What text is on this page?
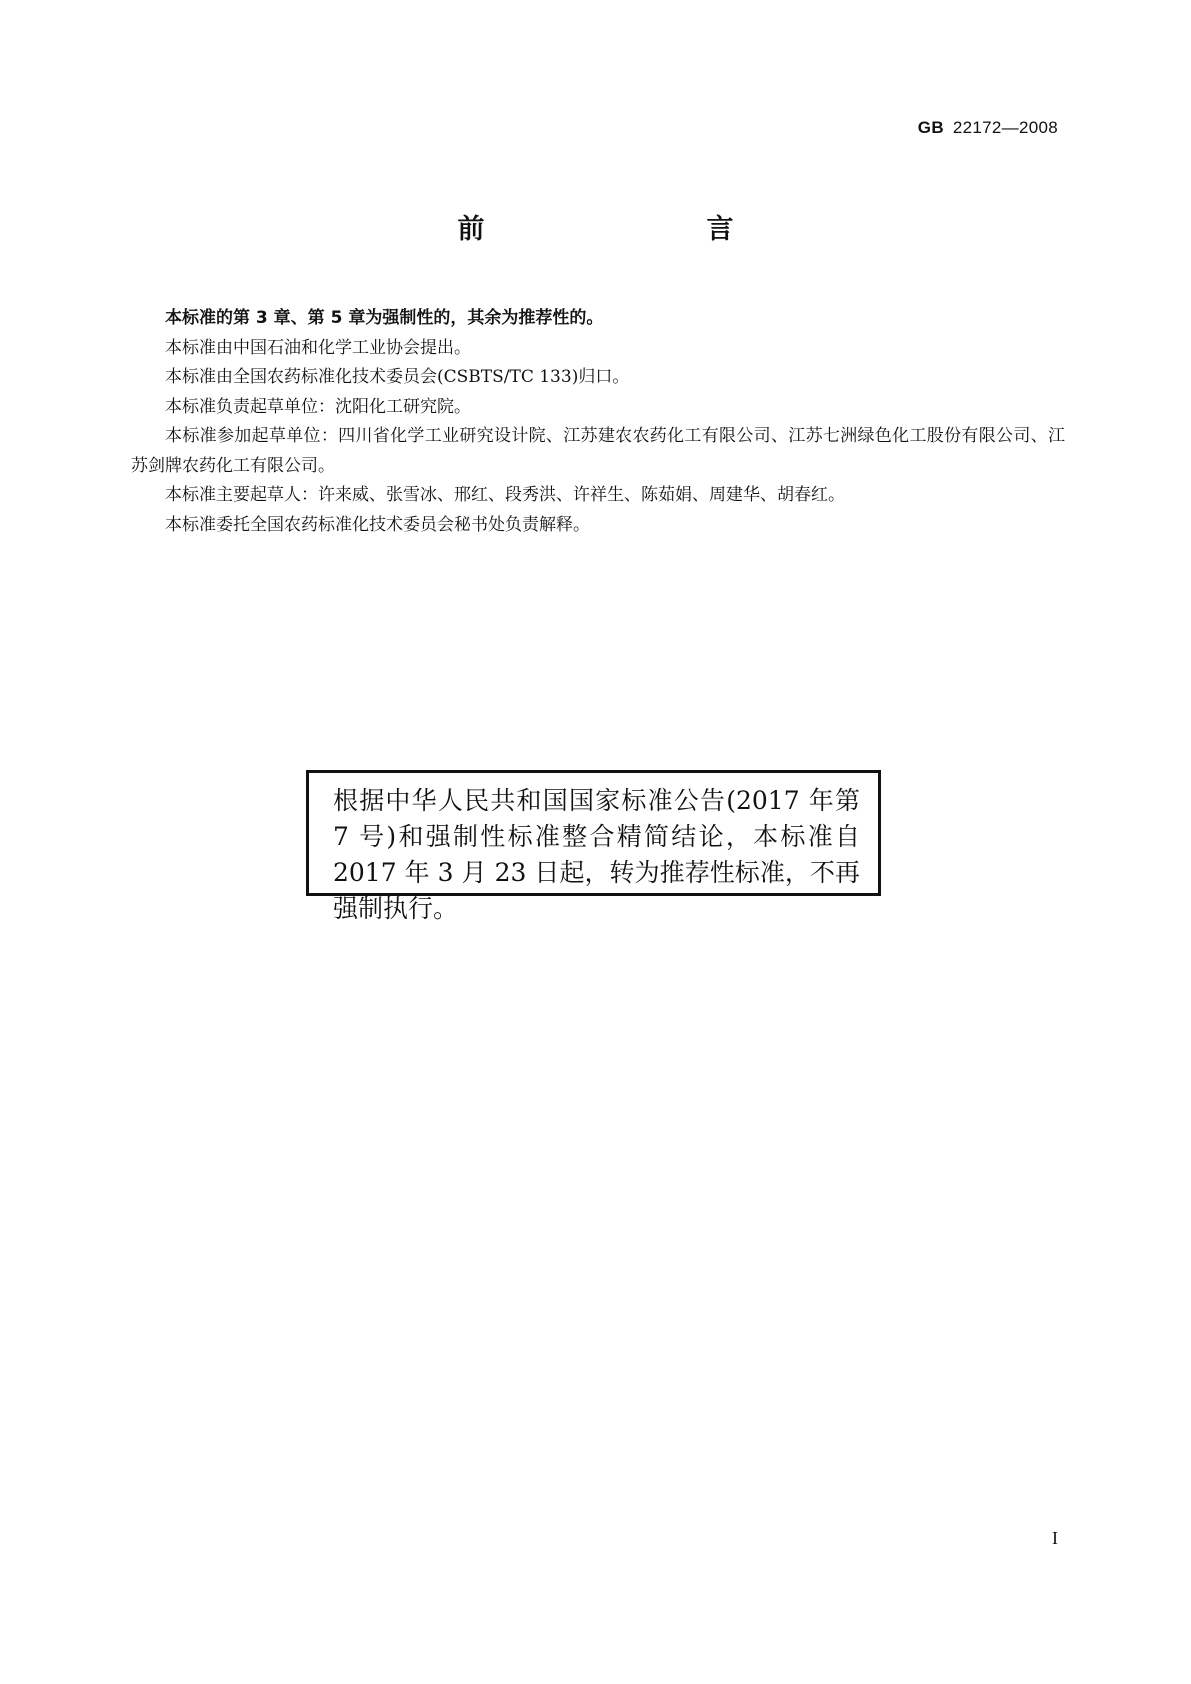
GB 22172—2008
前　　言

本标准的第 3 章、第 5 章为强制性的，其余为推荐性的。

本标准由中国石油和化学工业协会提出。

本标准由全国农药标准化技术委员会(CSBTS/TC 133)归口。

本标准负责起草单位：沈阳化工研究院。

本标准参加起草单位：四川省化学工业研究设计院、江苏建农农药化工有限公司、江苏七洲绿色化工股份有限公司、江苏剑牌农药化工有限公司。

本标准主要起草人：许来威、张雪冰、邢红、段秀洪、许祥生、陈茹娟、周建华、胡春红。

本标准委托全国农药标准化技术委员会秘书处负责解释。

根据中华人民共和国国家标准公告(2017 年第 7 号)和强制性标准整合精简结论，本标准自 2017 年 3 月 23 日起，转为推荐性标准，不再强制执行。

I
